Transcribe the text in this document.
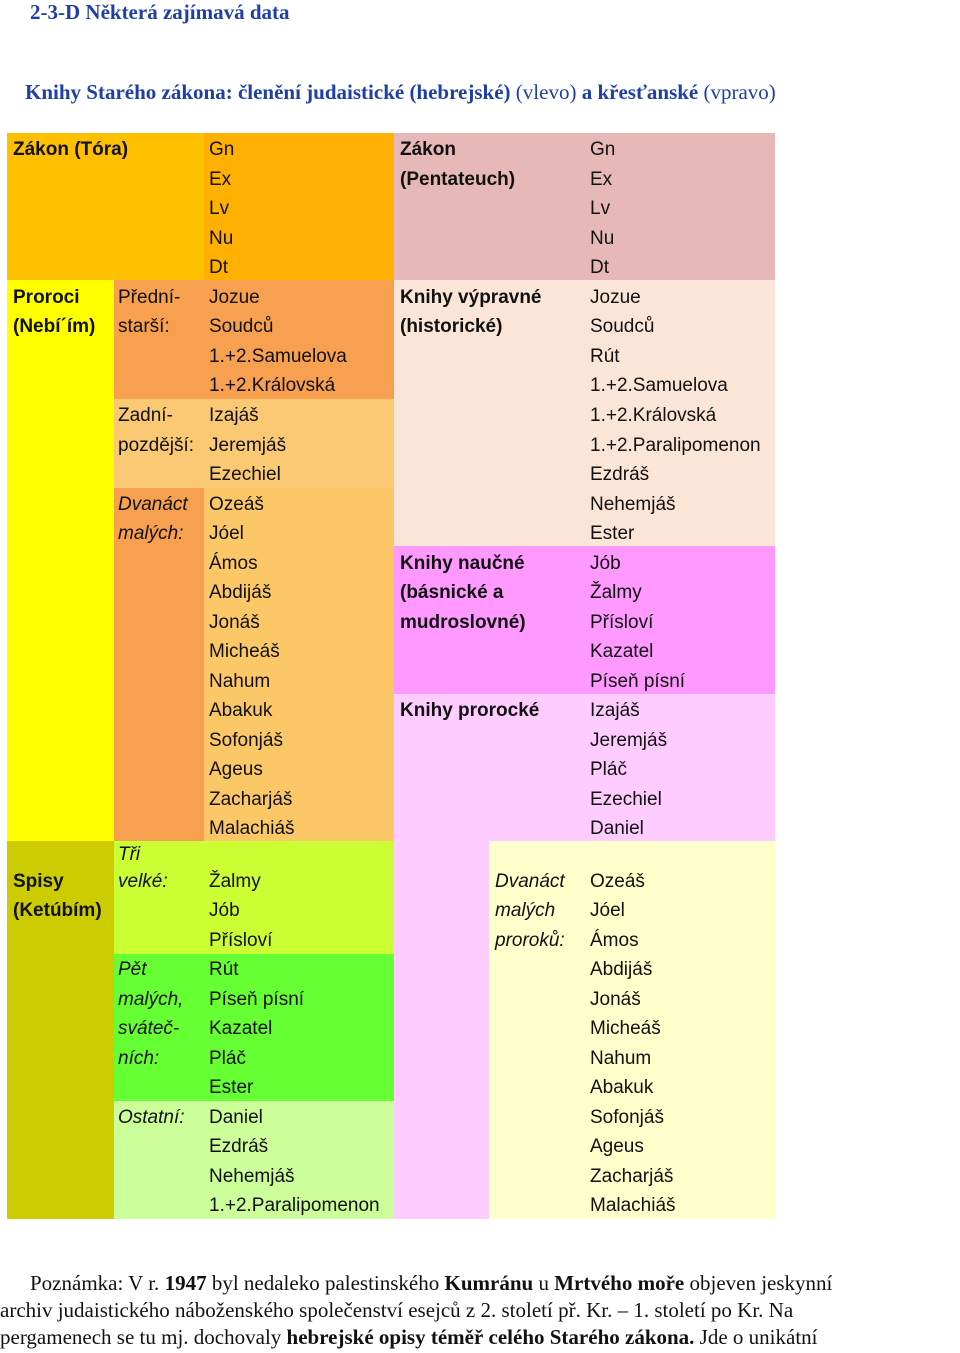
2-3-D Některá zajímavá data
Knihy Starého zákona: členění judaistické (hebrejské) (vlevo) a křesťanské (vpravo)
Zákon (Tóra)	Gn
Ex
Lv
Nu
Dt
Proroci
(Nebí´ím)
Přední-
starší:
Jozue
Soudců
1.+2.Samuelova
1.+2.Královská
Zadní-
pozdější:
Izajáš
Jeremjáš
Ezechiel
Dvanáct
malých:
Ozeáš
Jóel
Ámos
Abdijáš
Jonáš
Micheáš
Nahum
Abakuk
Sofonjáš
Ageus
Zacharjáš
Malachiáš
Spisy
(Ketúbím)
Tři
velké: Žalmy
Jób
Přísloví
Pět
malých,
sváteč-
ních:
Rút
Píseň písní
Kazatel
Pláč
Ester
Ostatní: Daniel
Ezdráš
Nehemjáš
1.+2.Paralipomenon
Zákon
(Pentateuch)
Gn
Ex
Lv
Nu
Dt
Knihy výpravné
(historické)
Jozue
Soudců
Rút
1.+2.Samuelova
1.+2.Královská
1.+2.Paralipomenon
Ezdráš
Nehemjáš
Ester
Knihy naučné
(básnické a
mudroslovné)
Jób
Žalmy
Přísloví
Kazatel
Píseň písní
Knihy prorocké	Izajáš
Jeremjáš
Pláč
Ezechiel
Daniel
Dvanáct
malých
proroků:
Ozeáš
Jóel
Ámos
Abdijáš
Jonáš
Micheáš
Nahum
Abakuk
Sofonjáš
Ageus
Zacharjáš
Malachiáš
Poznámka: V r. 1947 byl nedaleko palestinského Kumránu u Mrtvého moře objeven jeskynní
archiv judaistického náboženského společenství esejců z 2. století př. Kr. – 1. století po Kr. Na
pergamenech se tu mj. dochovaly hebrejské opisy téměř celého Starého zákona. Jde o unikátní
